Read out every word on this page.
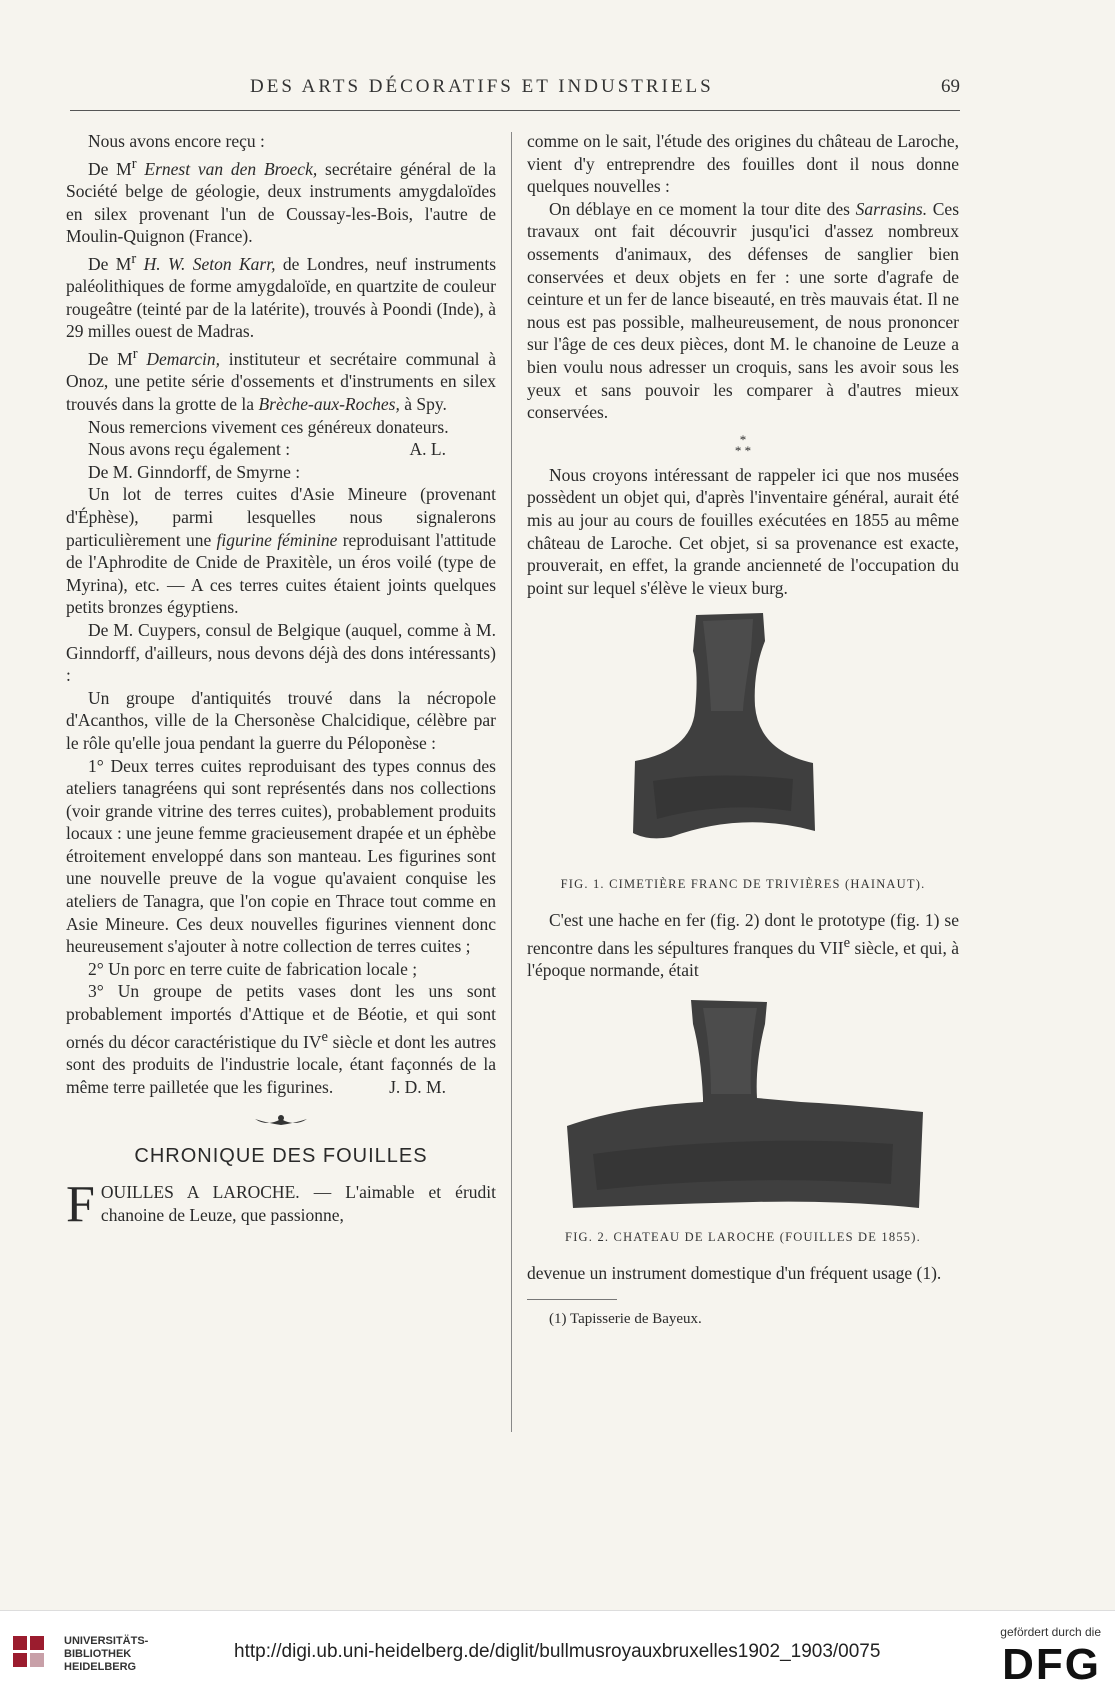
DES ARTS DÉCORATIFS ET INDUSTRIELS	69

Nous avons encore reçu :

De $M^r$ Ernest van den Broeck, secrétaire général de la Société belge de géologie, deux instruments amygdaloïdes en silex provenant l'un de Coussay-les-Bois, l'autre de Moulin-Quignon (France).

De $M^r$ H. W. Seton Karr, de Londres, neuf instruments paléolithiques de forme amygdaloïde, en quartzite de couleur rougeâtre (teinté par de la latérite), trouvés à Poondi (Inde), à 29 milles ouest de Madras.

De $M^r$ Demarcin, instituteur et secrétaire communal à Onoz, une petite série d'ossements et d'instruments en silex trouvés dans la grotte de la Brèche-aux-Roches, à Spy.

Nous remercions vivement ces généreux donateurs.
A. L.

Nous avons reçu également :

De M. Ginndorff, de Smyrne :

Un lot de terres cuites d'Asie Mineure (provenant d'Éphèse), parmi lesquelles nous signalerons particulièrement une figurine féminine reproduisant l'attitude de l'Aphrodite de Cnide de Praxitèle, un éros voilé (type de Myrina), etc. — A ces terres cuites étaient joints quelques petits bronzes égyptiens.

De M. Cuypers, consul de Belgique (auquel, comme à M. Ginndorff, d'ailleurs, nous devons déjà des dons intéressants) :

Un groupe d'antiquités trouvé dans la nécropole d'Acanthos, ville de la Chersonèse Chalcidique, célèbre par le rôle qu'elle joua pendant la guerre du Péloponèse :

1° Deux terres cuites reproduisant des types connus des ateliers tanagréens qui sont représentés dans nos collections (voir grande vitrine des terres cuites), probablement produits locaux : une jeune femme gracieusement drapée et un éphèbe étroitement enveloppé dans son manteau. Les figurines sont une nouvelle preuve de la vogue qu'avaient conquise les ateliers de Tanagra, que l'on copie en Thrace tout comme en Asie Mineure. Ces deux nouvelles figurines viennent donc heureusement s'ajouter à notre collection de terres cuites ;

2° Un porc en terre cuite de fabrication locale ;

3° Un groupe de petits vases dont les uns sont probablement importés d'Attique et de Béotie, et qui sont ornés du décor caractéristique du IVe siècle et dont les autres sont des produits de l'industrie locale, étant façonnés de la même terre pailletée que les figurines.	J. D. M.

CHRONIQUE DES FOUILLES

FOUILLES A LAROCHE. — L'aimable et érudit chanoine de Leuze, que passionne,

comme on le sait, l'étude des origines du château de Laroche, vient d'y entreprendre des fouilles dont il nous donne quelques nouvelles :

On déblaye en ce moment la tour dite des Sarrasins. Ces travaux ont fait découvrir jusqu'ici d'assez nombreux ossements d'animaux, des défenses de sanglier bien conservées et deux objets en fer : une sorte d'agrafe de ceinture et un fer de lance biseauté, en très mauvais état. Il ne nous est pas possible, malheureusement, de nous prononcer sur l'âge de ces deux pièces, dont M. le chanoine de Leuze a bien voulu nous adresser un croquis, sans les avoir sous les yeux et sans pouvoir les comparer à d'autres mieux conservées.

*
* *

Nous croyons intéressant de rappeler ici que nos musées possèdent un objet qui, d'après l'inventaire général, aurait été mis au jour au cours de fouilles exécutées en 1855 au même château de Laroche. Cet objet, si sa provenance est exacte, prouverait, en effet, la grande ancienneté de l'occupation du point sur lequel s'élève le vieux burg.

FIG. 1. CIMETIÈRE FRANC DE TRIVIÈRES (HAINAUT).

C'est une hache en fer (fig. 2) dont le prototype (fig. 1) se rencontre dans les sépultures franques du VIIe siècle, et qui, à l'époque normande, était

FIG. 2. CHATEAU DE LAROCHE (FOUILLES DE 1855).

devenue un instrument domestique d'un fréquent usage (1).

(1) Tapisserie de Bayeux.

UNIVERSITÄTS-
BIBLIOTHEK
HEIDELBERG
http://digi.ub.uni-heidelberg.de/diglit/bullmusroyauxbruxelles1902_1903/0075
gefördert durch die
DFG
